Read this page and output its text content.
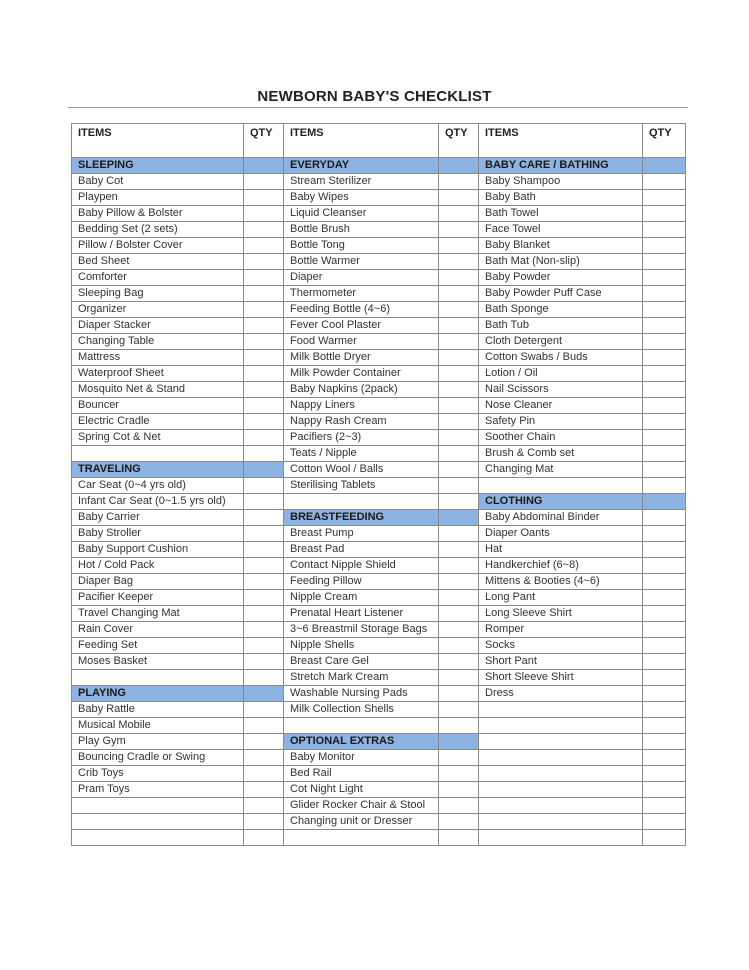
NEWBORN BABY'S CHECKLIST
ITEMS	QTY	ITEMS	QTY	ITEMS	QTY
SLEEPING		EVERYDAY		BABY CARE / BATHING	
Baby Cot		Stream Sterilizer		Baby Shampoo	
Playpen		Baby Wipes		Baby Bath	
Baby Pillow & Bolster		Liquid Cleanser		Bath Towel	
Bedding Set (2 sets)		Bottle Brush		Face Towel	
Pillow / Bolster Cover		Bottle Tong		Baby Blanket	
Bed Sheet		Bottle Warmer		Bath Mat (Non-slip)	
Comforter		Diaper		Baby Powder	
Sleeping Bag		Thermometer		Baby Powder Puff Case	
Organizer		Feeding Bottle (4~6)		Bath Sponge	
Diaper Stacker		Fever Cool Plaster		Bath Tub	
Changing Table		Food Warmer		Cloth Detergent	
Mattress		Milk Bottle Dryer		Cotton Swabs / Buds	
Waterproof Sheet		Milk Powder Container		Lotion / Oil	
Mosquito Net & Stand		Baby Napkins (2pack)		Nail Scissors	
Bouncer		Nappy Liners		Nose Cleaner	
Electric Cradle		Nappy Rash Cream		Safety Pin	
Spring Cot & Net		Pacifiers (2~3)		Soother Chain	
		Teats / Nipple		Brush & Comb set	
TRAVELING		Cotton Wool / Balls		Changing Mat	
Car Seat (0~4 yrs old)		Sterilising Tablets			
Infant Car Seat (0~1.5 yrs old)				CLOTHING	
Baby Carrier		BREASTFEEDING		Baby Abdominal Binder	
Baby Stroller		Breast Pump		Diaper Oants	
Baby Support Cushion		Breast Pad		Hat	
Hot / Cold Pack		Contact Nipple Shield		Handkerchief (6~8)	
Diaper Bag		Feeding Pillow		Mittens & Booties (4~6)	
Pacifier Keeper		Nipple Cream		Long Pant	
Travel Changing Mat		Prenatal Heart Listener		Long Sleeve Shirt	
Rain Cover		3~6 Breastmil Storage Bags		Romper	
Feeding Set		Nipple Shells		Socks	
Moses Basket		Breast Care Gel		Short Pant	
		Stretch Mark Cream		Short Sleeve Shirt	
PLAYING		Washable Nursing Pads		Dress	
Baby Rattle		Milk Collection Shells			
Musical Mobile					
Play Gym		OPTIONAL EXTRAS			
Bouncing Cradle or Swing		Baby Monitor			
Crib Toys		Bed Rail			
Pram Toys		Cot Night Light			
		Glider Rocker Chair & Stool			
		Changing unit or Dresser			
